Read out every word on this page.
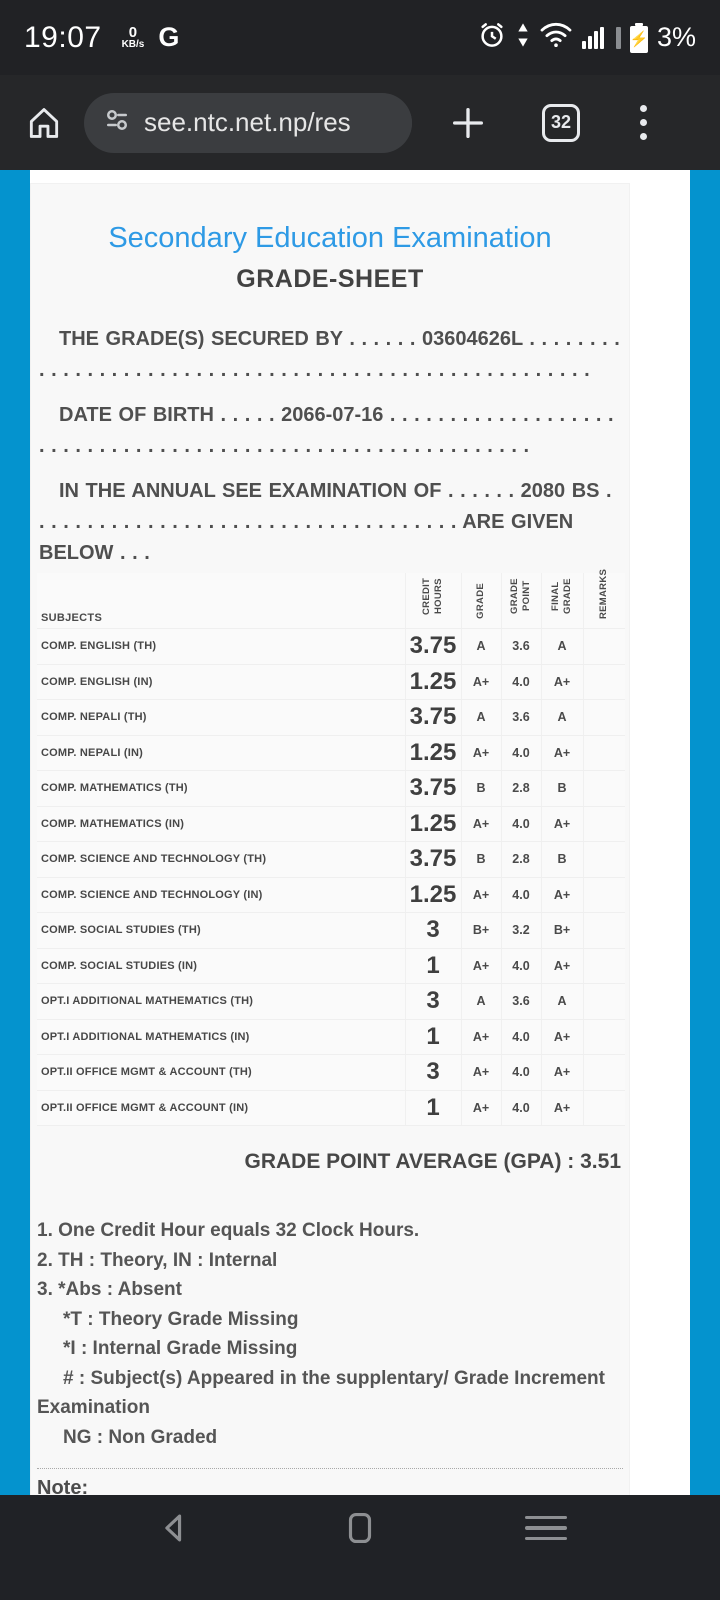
19:07	0
KB/s G	⚡ 3%
see.ntc.net.np/res	32
Secondary Education Examination
GRADE-SHEET

THE GRADE(S) SECURED BY . . . . . . 03604626L . . . . . . . . . . . . . . . . . . . . . . . . . . . . . . . . . . . . . . . . . . . . . . . . . . . . . .

DATE OF BIRTH . . . . . 2066-07-16 . . . . . . . . . . . . . . . . . . . . . . . . . . . . . . . . . . . . . . . . . . . . . . . . . . . . . . . . . . . .

IN THE ANNUAL SEE EXAMINATION OF . . . . . . 2080 BS . . . . . . . . . . . . . . . . . . . . . . . . . . . . . . . . . . . . ARE GIVEN BELOW . . .

SUBJECTS	CREDIT HOURS	GRADE	GRADE POINT	FINAL GRADE	REMARKS
COMP. ENGLISH (TH)	3.75	A	3.6	A	
COMP. ENGLISH (IN)	1.25	A+	4.0	A+	
COMP. NEPALI (TH)	3.75	A	3.6	A	
COMP. NEPALI (IN)	1.25	A+	4.0	A+	
COMP. MATHEMATICS (TH)	3.75	B	2.8	B	
COMP. MATHEMATICS (IN)	1.25	A+	4.0	A+	
COMP. SCIENCE AND TECHNOLOGY (TH)	3.75	B	2.8	B	
COMP. SCIENCE AND TECHNOLOGY (IN)	1.25	A+	4.0	A+	
COMP. SOCIAL STUDIES (TH)	3	B+	3.2	B+	
COMP. SOCIAL STUDIES (IN)	1	A+	4.0	A+	
OPT.I ADDITIONAL MATHEMATICS (TH)	3	A	3.6	A	
OPT.I ADDITIONAL MATHEMATICS (IN)	1	A+	4.0	A+	
OPT.II OFFICE MGMT & ACCOUNT (TH)	3	A+	4.0	A+	
OPT.II OFFICE MGMT & ACCOUNT (IN)	1	A+	4.0	A+	
GRADE POINT AVERAGE (GPA) : 3.51
1. One Credit Hour equals 32 Clock Hours.
2. TH : Theory, IN : Internal
3. *Abs : Absent
*T : Theory Grade Missing
*I : Internal Grade Missing
# : Subject(s) Appeared in the supplentary/ Grade Increment Examination
NG : Non Graded
Note:
